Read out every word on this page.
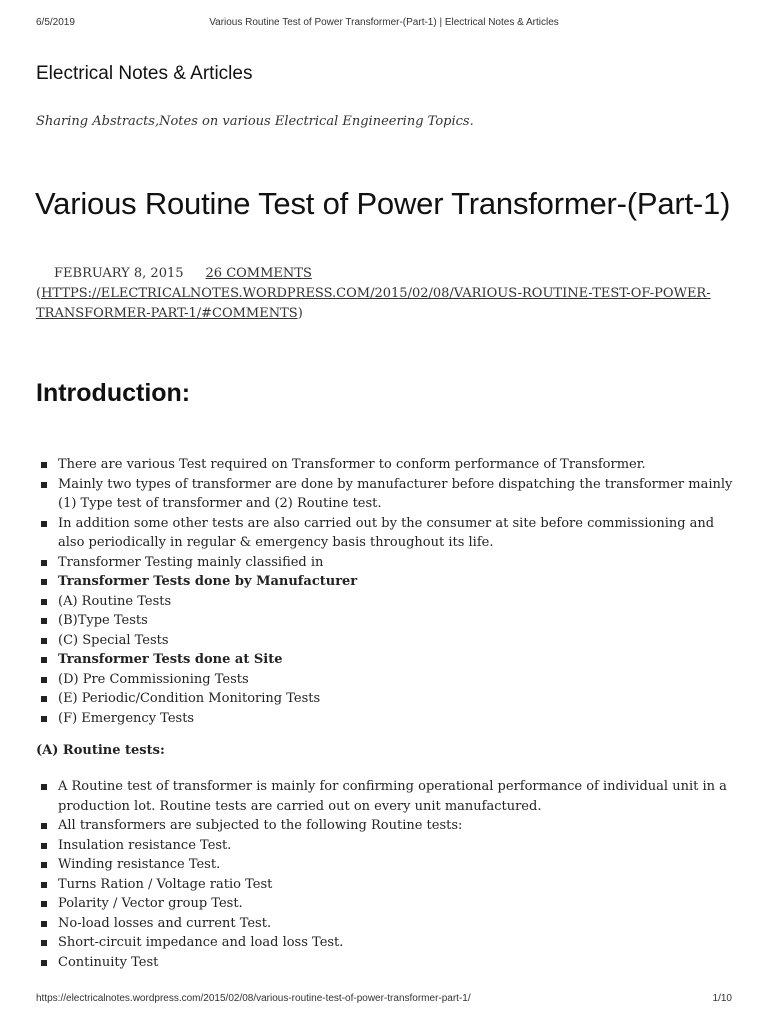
6/5/2019	Various Routine Test of Power Transformer-(Part-1) | Electrical Notes & Articles
Electrical Notes & Articles
Sharing Abstracts,Notes on various Electrical Engineering Topics.
Various Routine Test of Power Transformer-(Part-1)
FEBRUARY 8, 2015 26 COMMENTS (HTTPS://ELECTRICALNOTES.WORDPRESS.COM/2015/02/08/VARIOUS-ROUTINE-TEST-OF-POWER-TRANSFORMER-PART-1/#COMMENTS)
Introduction:
There are various Test required on Transformer to conform performance of Transformer.
Mainly two types of transformer are done by manufacturer before dispatching the transformer mainly (1) Type test of transformer and (2) Routine test.
In addition some other tests are also carried out by the consumer at site before commissioning and also periodically in regular & emergency basis throughout its life.
Transformer Testing mainly classified in
Transformer Tests done by Manufacturer
(A) Routine Tests
(B)Type Tests
(C) Special Tests
Transformer Tests done at Site
(D) Pre Commissioning Tests
(E) Periodic/Condition Monitoring Tests
(F) Emergency Tests
(A) Routine tests:
A Routine test of transformer is mainly for confirming operational performance of individual unit in a production lot. Routine tests are carried out on every unit manufactured.
All transformers are subjected to the following Routine tests:
Insulation resistance Test.
Winding resistance Test.
Turns Ration / Voltage ratio Test
Polarity / Vector group Test.
No-load losses and current Test.
Short-circuit impedance and load loss Test.
Continuity Test
https://electricalnotes.wordpress.com/2015/02/08/various-routine-test-of-power-transformer-part-1/	1/10
